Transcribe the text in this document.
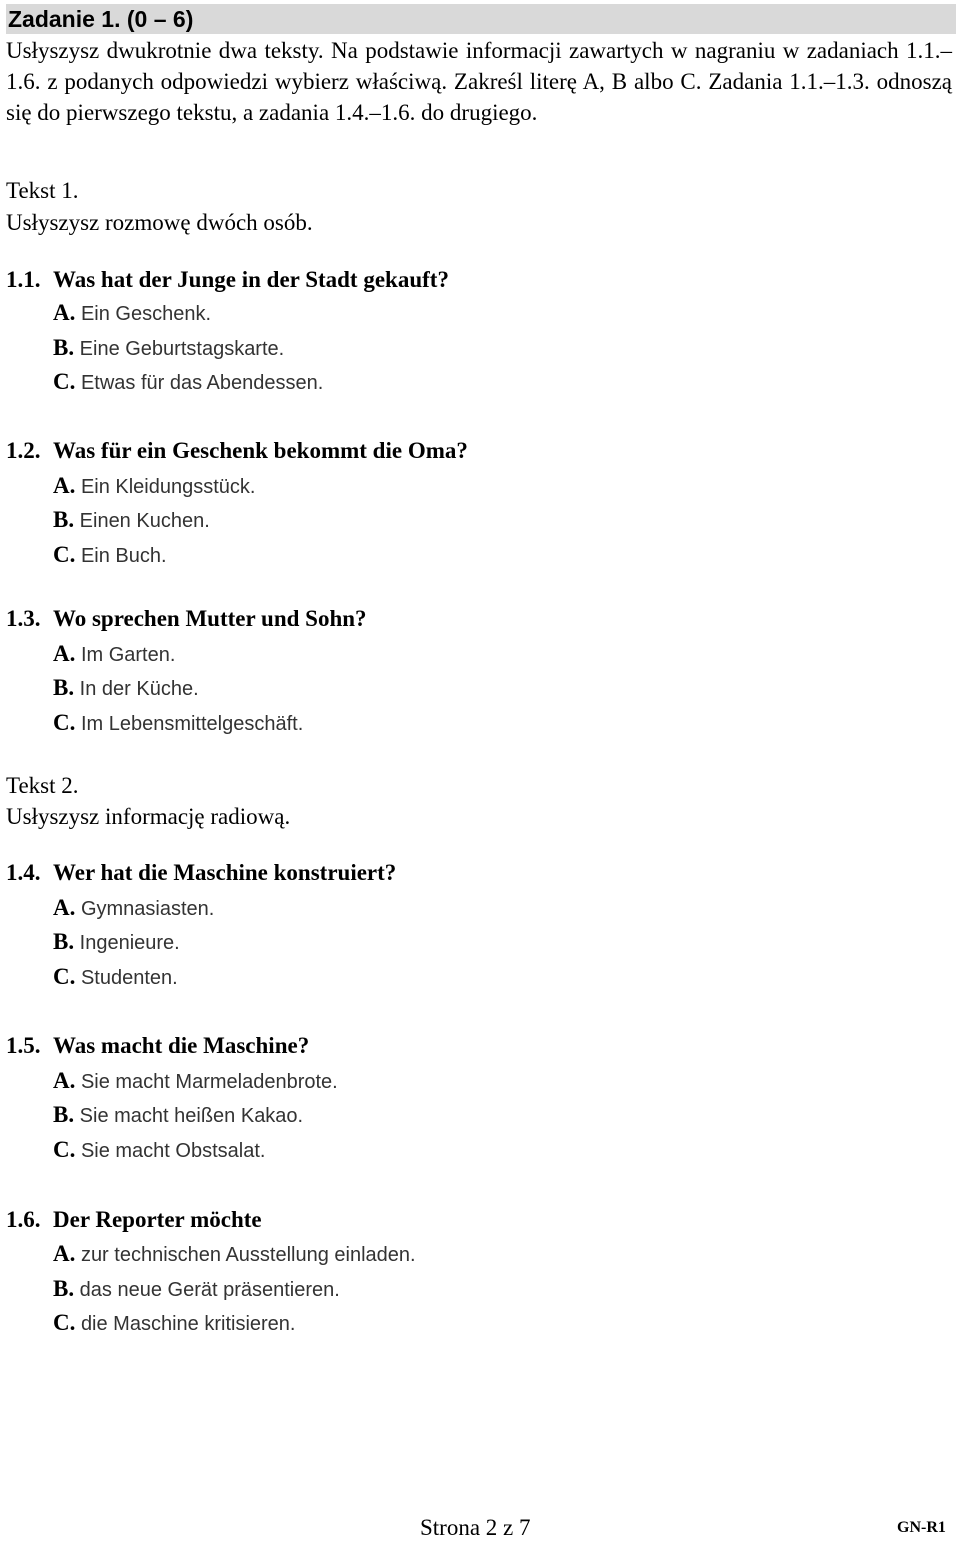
Zadanie 1. (0 – 6)
Usłyszysz dwukrotnie dwa teksty. Na podstawie informacji zawartych w nagraniu w zadaniach 1.1.–1.6. z podanych odpowiedzi wybierz właściwą. Zakreśl literę A, B albo C. Zadania 1.1.–1.3. odnoszą się do pierwszego tekstu, a zadania 1.4.–1.6. do drugiego.
Tekst 1.
Usłyszysz rozmowę dwóch osób.
1.1. Was hat der Junge in der Stadt gekauft?
A. Ein Geschenk.
B. Eine Geburtstagskarte.
C. Etwas für das Abendessen.
1.2. Was für ein Geschenk bekommt die Oma?
A. Ein Kleidungsstück.
B. Einen Kuchen.
C. Ein Buch.
1.3. Wo sprechen Mutter und Sohn?
A. Im Garten.
B. In der Küche.
C. Im Lebensmittelgeschäft.
Tekst 2.
Usłyszysz informację radiową.
1.4. Wer hat die Maschine konstruiert?
A. Gymnasiasten.
B. Ingenieure.
C. Studenten.
1.5. Was macht die Maschine?
A. Sie macht Marmeladenbrote.
B. Sie macht heißen Kakao.
C. Sie macht Obstsalat.
1.6. Der Reporter möchte
A. zur technischen Ausstellung einladen.
B. das neue Gerät präsentieren.
C. die Maschine kritisieren.
Strona 2 z 7	GN-R1
